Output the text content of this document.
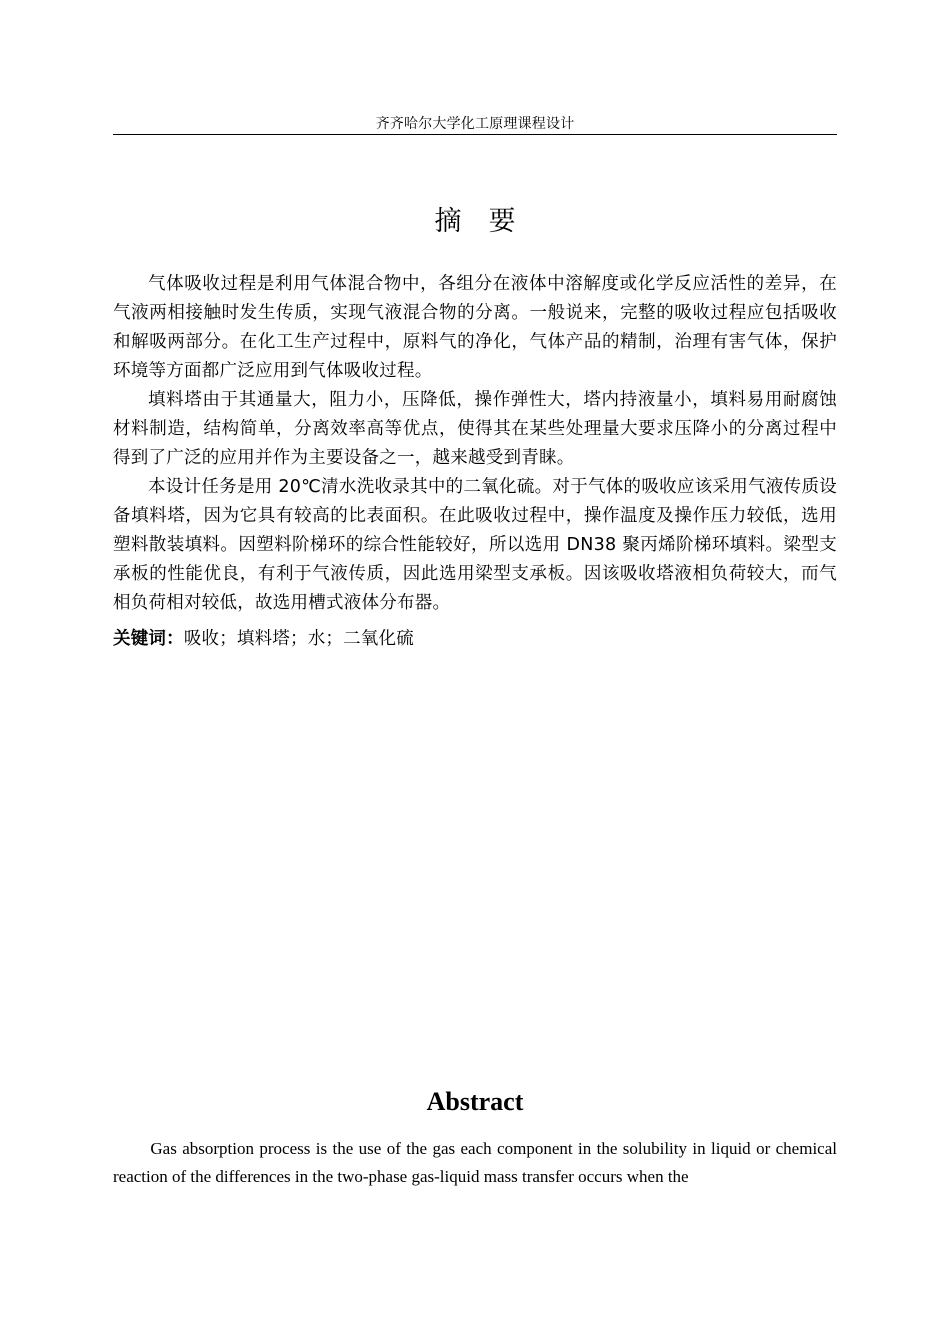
齐齐哈尔大学化工原理课程设计
摘　要

气体吸收过程是利用气体混合物中，各组分在液体中溶解度或化学反应活性的差异，在气液两相接触时发生传质，实现气液混合物的分离。一般说来，完整的吸收过程应包括吸收和解吸两部分。在化工生产过程中，原料气的净化，气体产品的精制，治理有害气体，保护环境等方面都广泛应用到气体吸收过程。

填料塔由于其通量大，阻力小，压降低，操作弹性大，塔内持液量小，填料易用耐腐蚀材料制造，结构简单，分离效率高等优点，使得其在某些处理量大要求压降小的分离过程中得到了广泛的应用并作为主要设备之一，越来越受到青睐。

本设计任务是用 20℃清水洗收录其中的二氧化硫。对于气体的吸收应该采用气液传质设备填料塔，因为它具有较高的比表面积。在此吸收过程中，操作温度及操作压力较低，选用塑料散装填料。因塑料阶梯环的综合性能较好，所以选用 DN38 聚丙烯阶梯环填料。梁型支承板的性能优良，有利于气液传质，因此选用梁型支承板。因该吸收塔液相负荷较大，而气相负荷相对较低，故选用槽式液体分布器。

关键词：吸收；填料塔；水；二氧化硫
Abstract

Gas absorption process is the use of the gas each component in the solubility in liquid or chemical reaction of the differences in the two-phase gas-liquid mass transfer occurs when the
